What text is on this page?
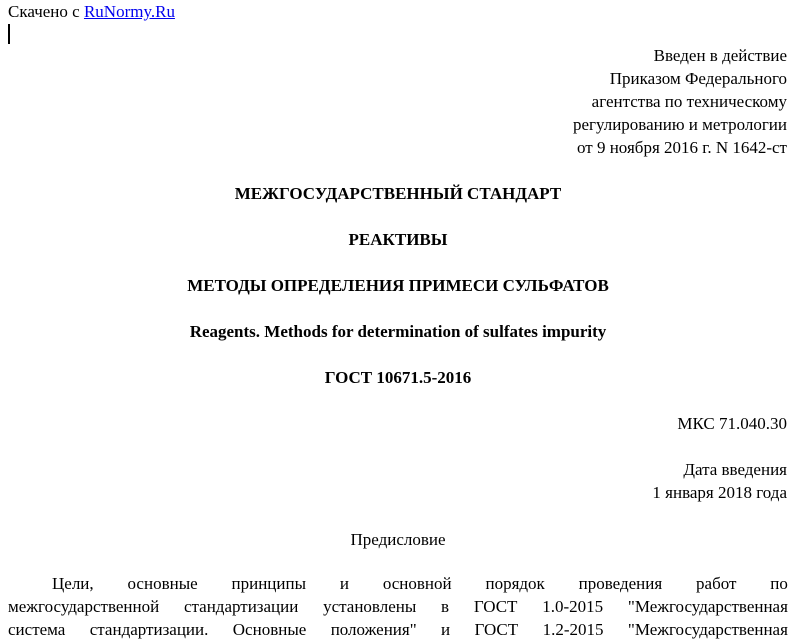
Скачено с RuNormy.Ru
Введен в действие
Приказом Федерального
агентства по техническому
регулированию и метрологии
от 9 ноября 2016 г. N 1642-ст
МЕЖГОСУДАРСТВЕННЫЙ СТАНДАРТ
РЕАКТИВЫ
МЕТОДЫ ОПРЕДЕЛЕНИЯ ПРИМЕСИ СУЛЬФАТОВ
Reagents. Methods for determination of sulfates impurity
ГОСТ 10671.5-2016
МКС 71.040.30
Дата введения
1 января 2018 года
Предисловие
Цели, основные принципы и основной порядок проведения работ по
межгосударственной стандартизации установлены в ГОСТ 1.0-2015 "Межгосударственная
система стандартизации. Основные положения" и ГОСТ 1.2-2015 "Межгосударственная
